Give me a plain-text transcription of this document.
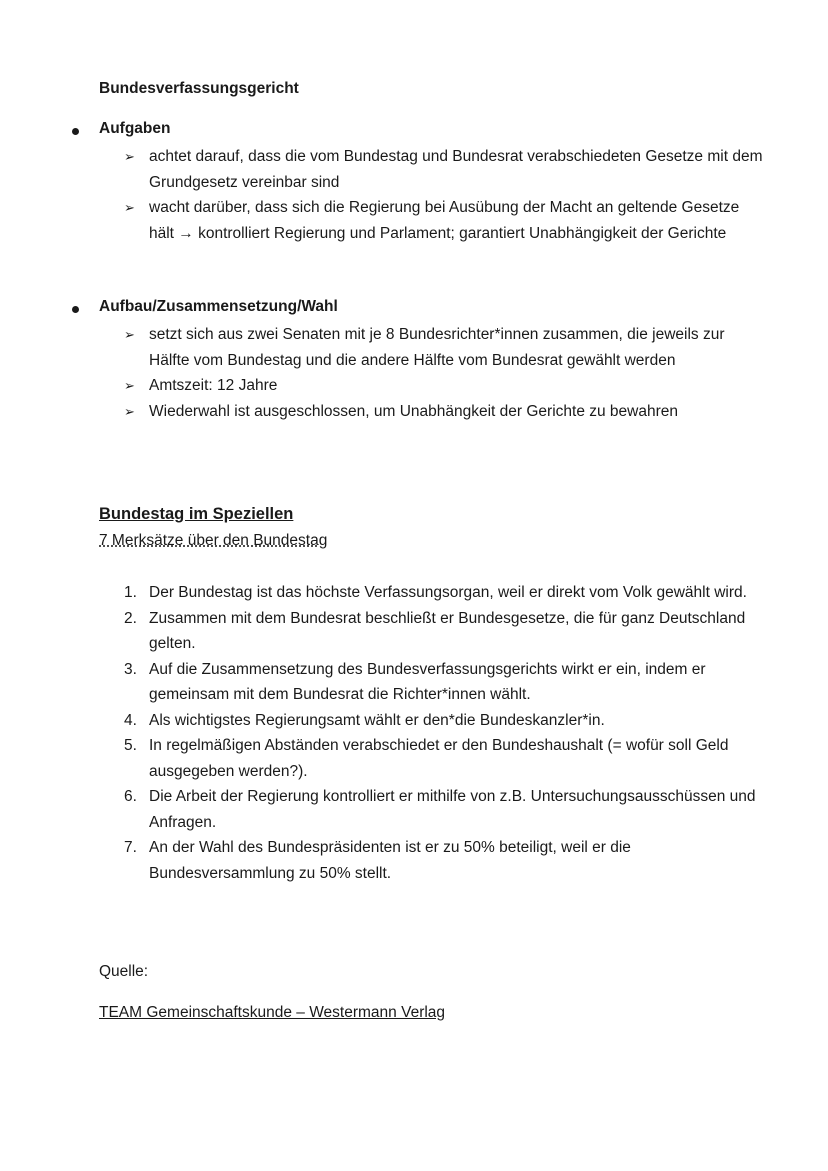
Bundesverfassungsgericht
Aufgaben
➢ achtet darauf, dass die vom Bundestag und Bundesrat verabschiedeten Gesetze mit dem Grundgesetz vereinbar sind
➢ wacht darüber, dass sich die Regierung bei Ausübung der Macht an geltende Gesetze hält → kontrolliert Regierung und Parlament; garantiert Unabhängigkeit der Gerichte
Aufbau/Zusammensetzung/Wahl
➢ setzt sich aus zwei Senaten mit je 8 Bundesrichter*innen zusammen, die jeweils zur Hälfte vom Bundestag und die andere Hälfte vom Bundesrat gewählt werden
➢ Amtszeit: 12 Jahre
➢ Wiederwahl ist ausgeschlossen, um Unabhängkeit der Gerichte zu bewahren
Bundestag im Speziellen
7 Merksätze über den Bundestag
1. Der Bundestag ist das höchste Verfassungsorgan, weil er direkt vom Volk gewählt wird.
2. Zusammen mit dem Bundesrat beschließt er Bundesgesetze, die für ganz Deutschland gelten.
3. Auf die Zusammensetzung des Bundesverfassungsgerichts wirkt er ein, indem er gemeinsam mit dem Bundesrat die Richter*innen wählt.
4. Als wichtigstes Regierungsamt wählt er den*die Bundeskanzler*in.
5. In regelmäßigen Abständen verabschiedet er den Bundeshaushalt (= wofür soll Geld ausgegeben werden?).
6. Die Arbeit der Regierung kontrolliert er mithilfe von z.B. Untersuchungsausschüssen und Anfragen.
7. An der Wahl des Bundespräsidenten ist er zu 50% beteiligt, weil er die Bundesversammlung zu 50% stellt.
Quelle:
TEAM Gemeinschaftskunde – Westermann Verlag
